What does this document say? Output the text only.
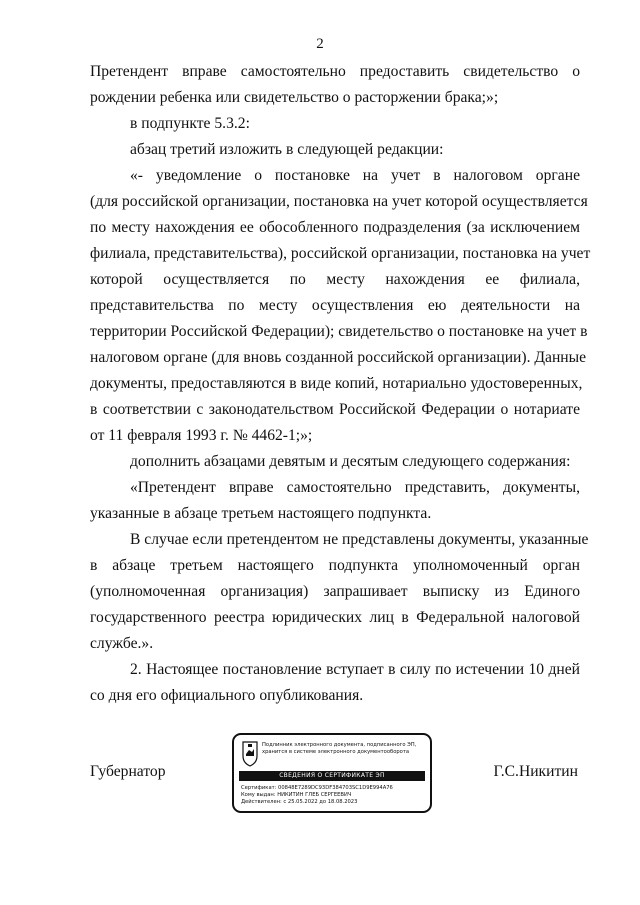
2
Претендент вправе самостоятельно предоставить свидетельство о
рождении ребенка или свидетельство о расторжении брака;»;
в подпункте 5.3.2:
абзац третий изложить в следующей редакции:
«- уведомление о постановке на учет в налоговом органе
(для российской организации, постановка на учет которой осуществляется
по месту нахождения ее обособленного подразделения (за исключением
филиала, представительства), российской организации, постановка на учет
которой осуществляется по месту нахождения ее филиала,
представительства по месту осуществления ею деятельности на
территории Российской Федерации); свидетельство о постановке на учет в
налоговом органе (для вновь созданной российской организации). Данные
документы, предоставляются в виде копий, нотариально удостоверенных,
в соответствии с законодательством Российской Федерации о нотариате
от 11 февраля 1993 г. № 4462-1;»;
дополнить абзацами девятым и десятым следующего содержания:
«Претендент вправе самостоятельно представить, документы,
указанные в абзаце третьем настоящего подпункта.
В случае если претендентом не представлены документы, указанные
в абзаце третьем настоящего подпункта уполномоченный орган
(уполномоченная организация) запрашивает выписку из Единого
государственного реестра юридических лиц в Федеральной налоговой
службе.».
2. Настоящее постановление вступает в силу по истечении 10 дней
со дня его официального опубликования.
Губернатор	Г.С.Никитин
Подлинник электронного документа, подписанного ЭП, хранится в системе электронного документооборота
СВЕДЕНИЯ О СЕРТИФИКАТЕ ЭП
Сертификат: 00848E7289DC93DF384703SC1D9E994A76
Кому выдан: НИКИТИН ГЛЕБ СЕРГЕЕВИЧ
Действителен: с 25.05.2022 до 18.08.2023
